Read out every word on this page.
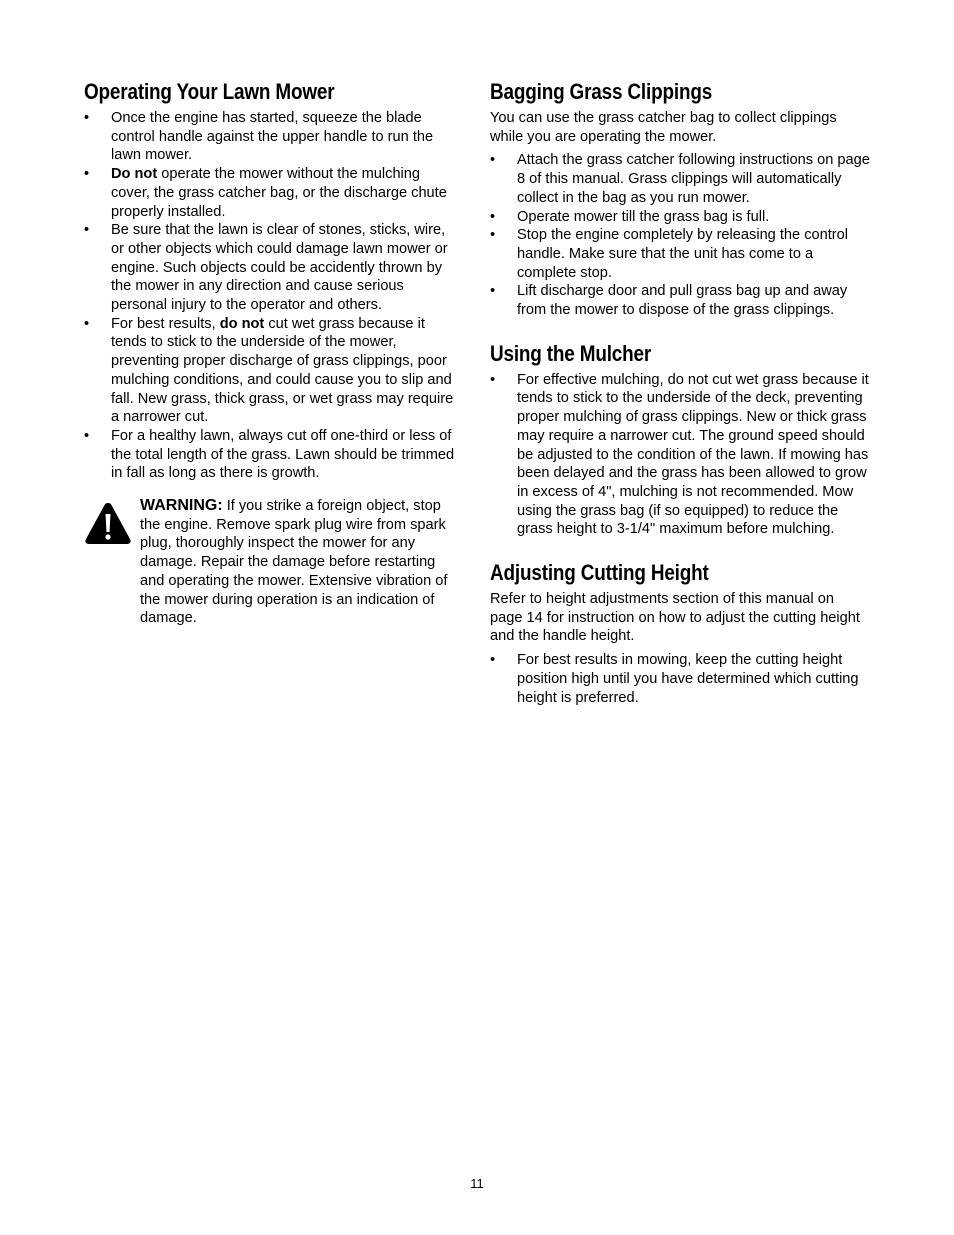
Operating Your Lawn Mower
• Once the engine has started, squeeze the blade control handle against the upper handle to run the lawn mower.
• Do not operate the mower without the mulching cover, the grass catcher bag, or the discharge chute properly installed.
• Be sure that the lawn is clear of stones, sticks, wire, or other objects which could damage lawn mower or engine. Such objects could be accidently thrown by the mower in any direction and cause serious personal injury to the operator and others.
• For best results, do not cut wet grass because it tends to stick to the underside of the mower, preventing proper discharge of grass clippings, poor mulching conditions, and could cause you to slip and fall. New grass, thick grass, or wet grass may require a narrower cut.
• For a healthy lawn, always cut off one-third or less of the total length of the grass. Lawn should be trimmed in fall as long as there is growth.

WARNING: If you strike a foreign object, stop the engine. Remove spark plug wire from spark plug, thoroughly inspect the mower for any damage. Repair the damage before restarting and operating the mower. Extensive vibration of the mower during operation is an indication of damage.

Bagging Grass Clippings

You can use the grass catcher bag to collect clippings while you are operating the mower.

• Attach the grass catcher following instructions on page 8 of this manual. Grass clippings will automatically collect in the bag as you run mower.
• Operate mower till the grass bag is full.
• Stop the engine completely by releasing the control handle. Make sure that the unit has come to a complete stop.
• Lift discharge door and pull grass bag up and away from the mower to dispose of the grass clippings.
Using the Mulcher
• For effective mulching, do not cut wet grass because it tends to stick to the underside of the deck, preventing proper mulching of grass clippings. New or thick grass may require a narrower cut. The ground speed should be adjusted to the condition of the lawn. If mowing has been delayed and the grass has been allowed to grow in excess of 4", mulching is not recommended. Mow using the grass bag (if so equipped) to reduce the grass height to 3-1/4" maximum before mulching.
Adjusting Cutting Height

Refer to height adjustments section of this manual on page 14 for instruction on how to adjust the cutting height and the handle height.

• For best results in mowing, keep the cutting height position high until you have determined which cutting height is preferred.
11
